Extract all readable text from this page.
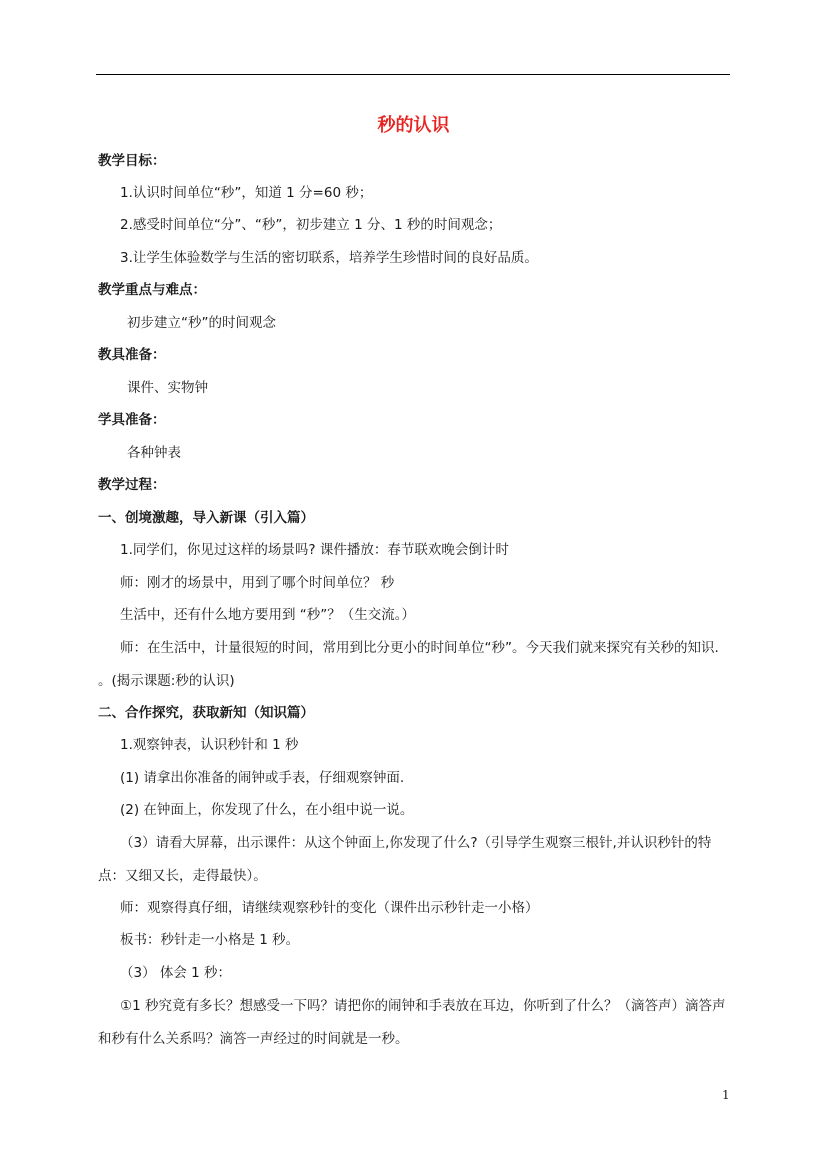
秒的认识
教学目标：
1.认识时间单位“秒”，知道 1 分=60 秒；
2.感受时间单位“分”、“秒”，初步建立 1 分、1 秒的时间观念；
3.让学生体验数学与生活的密切联系，培养学生珍惜时间的良好品质。
教学重点与难点：
初步建立“秒”的时间观念
教具准备：
课件、实物钟
学具准备：
各种钟表
教学过程：
一、创境激趣，导入新课（引入篇）
1.同学们，你见过这样的场景吗? 课件播放：春节联欢晚会倒计时
师：刚才的场景中，用到了哪个时间单位？ 秒
生活中，还有什么地方要用到 “秒”？（生交流。）
师：在生活中，计量很短的时间，常用到比分更小的时间单位“秒”。今天我们就来探究有关秒的知识. 。(揭示课题:秒的认识)
二、合作探究，获取新知（知识篇）
1.观察钟表，认识秒针和 1 秒
(1) 请拿出你准备的闹钟或手表，仔细观察钟面.
(2) 在钟面上，你发现了什么，在小组中说一说。
（3）请看大屏幕，出示课件：从这个钟面上,你发现了什么?（引导学生观察三根针,并认识秒针的特点：又细又长，走得最快）。
师：观察得真仔细，请继续观察秒针的变化（课件出示秒针走一小格）
板书：秒针走一小格是 1 秒。
（3） 体会 1 秒：
①1 秒究竟有多长？想感受一下吗？请把你的闹钟和手表放在耳边，你听到了什么？（滴答声）滴答声和秒有什么关系吗？滴答一声经过的时间就是一秒。
1
